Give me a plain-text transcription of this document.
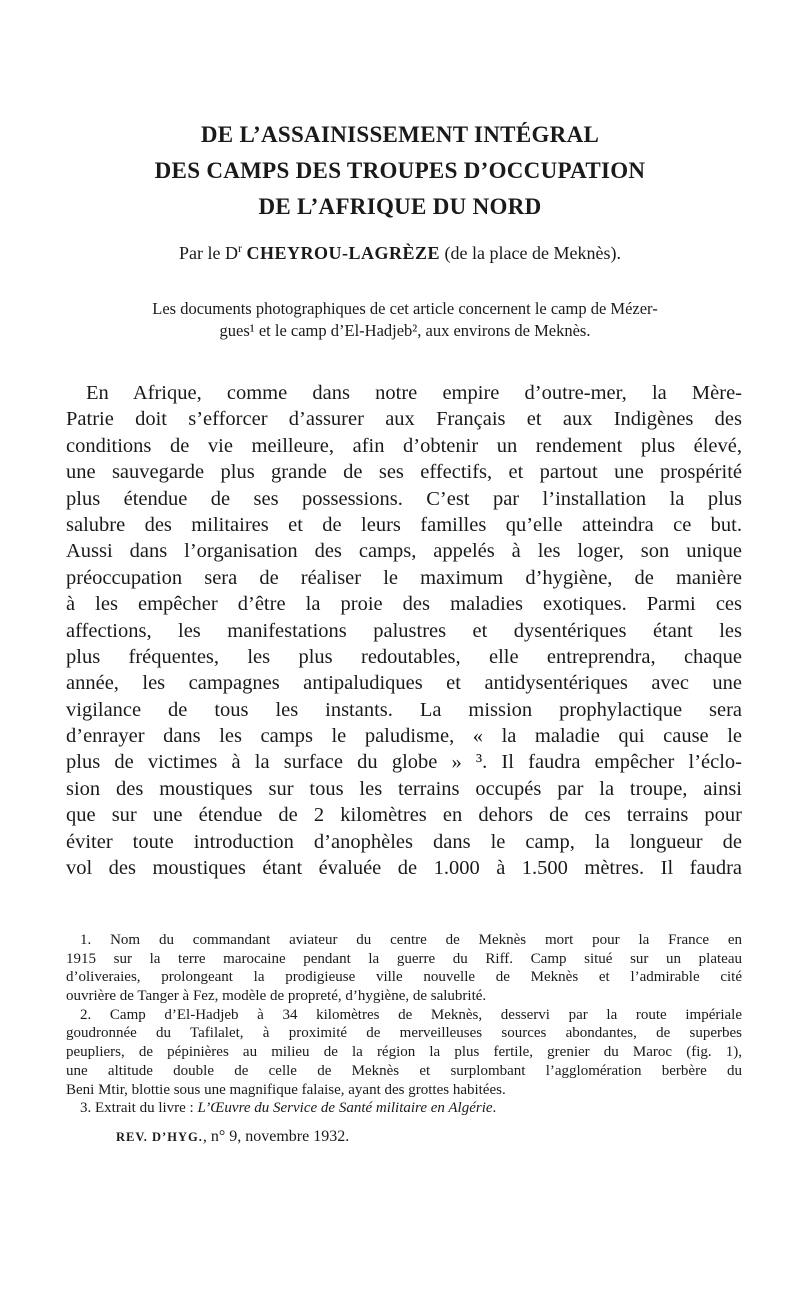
DE L’ASSAINISSEMENT INTÉGRAL

DES CAMPS DES TROUPES D’OCCUPATION

DE L’AFRIQUE DU NORD

Par le $D^r$ CHEYROU-LAGRÈZE (de la place de Meknès).
Les documents photographiques de cet article concernent le camp de Mézer-
gues¹ et le camp d’El-Hadjeb², aux environs de Meknès.
En Afrique, comme dans notre empire d’outre-mer, la Mère-
Patrie doit s’efforcer d’assurer aux Français et aux Indigènes des
conditions de vie meilleure, afin d’obtenir un rendement plus élevé,
une sauvegarde plus grande de ses effectifs, et partout une prospérité
plus étendue de ses possessions. C’est par l’installation la plus
salubre des militaires et de leurs familles qu’elle atteindra ce but.
Aussi dans l’organisation des camps, appelés à les loger, son unique
préoccupation sera de réaliser le maximum d’hygiène, de manière
à les empêcher d’être la proie des maladies exotiques. Parmi ces
affections, les manifestations palustres et dysentériques étant les
plus fréquentes, les plus redoutables, elle entreprendra, chaque
année, les campagnes antipaludiques et antidysentériques avec une
vigilance de tous les instants. La mission prophylactique sera
d’enrayer dans les camps le paludisme, « la maladie qui cause le
plus de victimes à la surface du globe » ³. Il faudra empêcher l’éclo-
sion des moustiques sur tous les terrains occupés par la troupe, ainsi
que sur une étendue de 2 kilomètres en dehors de ces terrains pour
éviter toute introduction d’anophèles dans le camp, la longueur de
vol des moustiques étant évaluée de 1.000 à 1.500 mètres. Il faudra
1. Nom du commandant aviateur du centre de Meknès mort pour la France en
1915 sur la terre marocaine pendant la guerre du Riff. Camp situé sur un plateau
d’oliveraies, prolongeant la prodigieuse ville nouvelle de Meknès et l’admirable cité
ouvrière de Tanger à Fez, modèle de propreté, d’hygiène, de salubrité.
2. Camp d’El-Hadjeb à 34 kilomètres de Meknès, desservi par la route impériale
goudronnée du Tafilalet, à proximité de merveilleuses sources abondantes, de superbes
peupliers, de pépinières au milieu de la région la plus fertile, grenier du Maroc (fig. 1),
une altitude double de celle de Meknès et surplombant l’agglomération berbère du
Beni Mtir, blottie sous une magnifique falaise, ayant des grottes habitées.
3. Extrait du livre : L’Œuvre du Service de Santé militaire en Algérie.
REV. D’HYG., n° 9, novembre 1932.
